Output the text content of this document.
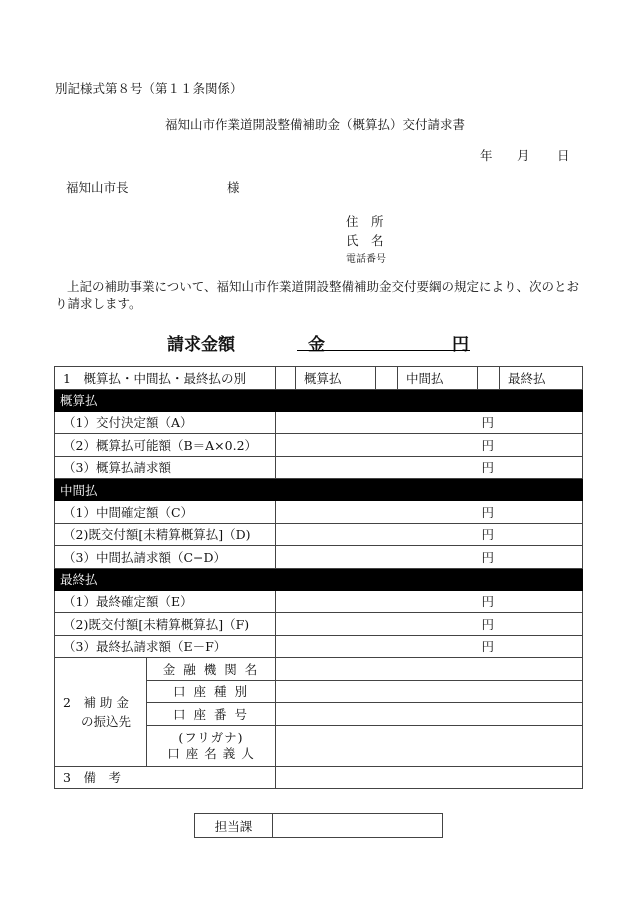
別記様式第８号（第１１条関係）
福知山市作業道開設整備補助金（概算払）交付請求書
年 月 日
福知山市長	様
住　所
氏　名
電話番号
上記の補助事業について、福知山市作業道開設整備補助金交付要綱の規定により、次のとおり請求します。
請求金額	金	円
1　概算払・中間払・最終払の別			概算払		中間払		最終払
概算払							
（1）交付決定額（A）		円					
（2）概算払可能額（B＝A×0.2）		円					
（3）概算払請求額		円					
中間払							
（1）中間確定額（C）		円					
（2)既交付額[未精算概算払]（D)		円					
（3）中間払請求額（C−D）		円					
最終払							
（1）最終確定額（E）		円					
（2)既交付額[未精算概算払]（F)		円					
（3）最終払請求額（E－F）		円					

2　補 助 金
の振込先	金 融 機 関 名						
	口 座 種 別						
	口 座 番 号						

	(フリガナ)
口 座 名 義 人						

3　備　考							
担当課	
